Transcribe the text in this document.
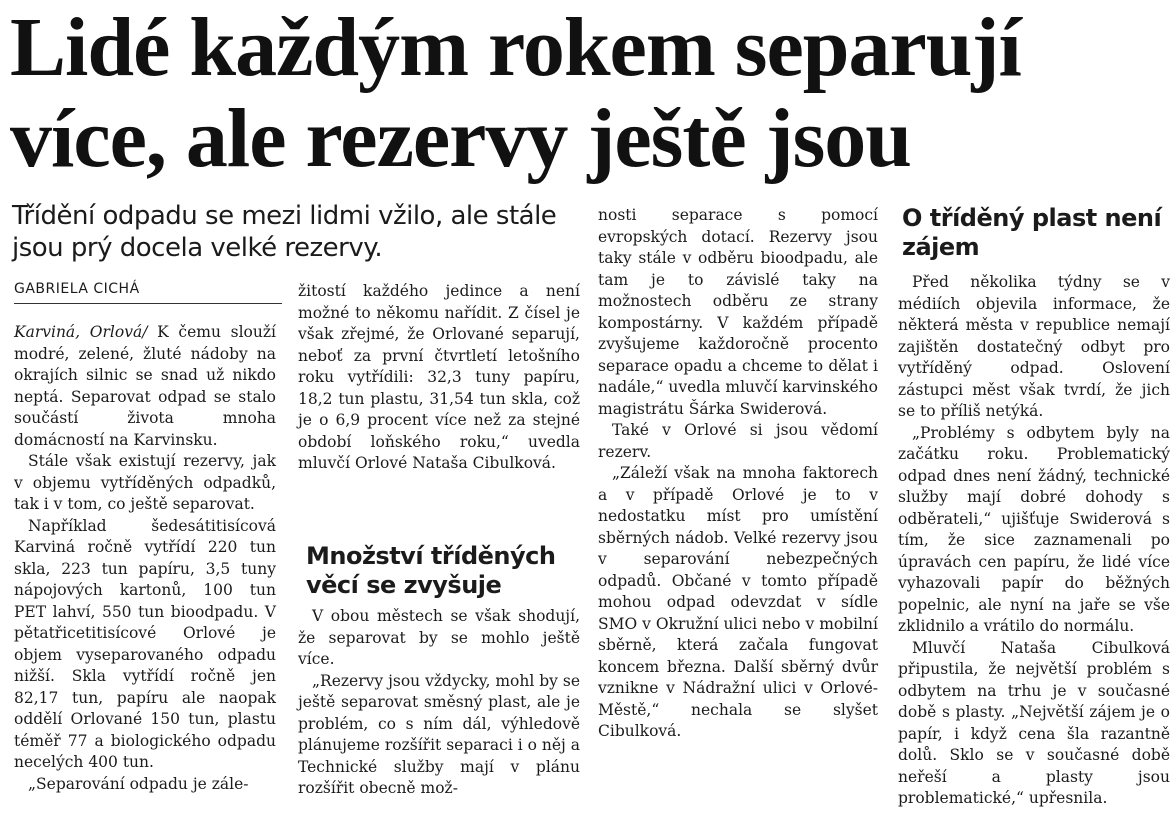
Lidé každým rokem separují více, ale rezervy ještě jsou

Třídění odpadu se mezi lidmi vžilo, ale stále jsou prý docela velké rezervy.

GABRIELA CICHÁ

Karviná, Orlová/ K čemu slouží modré, zelené, žluté nádoby na okrajích silnic se snad už nikdo neptá. Separovat odpad se stalo součástí života mnoha domácností na Karvinsku.

Stále však existují rezervy, jak v objemu vytříděných odpadků, tak i v tom, co ještě separovat.

Například šedesátitisícová Karviná ročně vytřídí 220 tun skla, 223 tun papíru, 3,5 tuny nápojových kartonů, 100 tun PET lahví, 550 tun bioodpadu. V pětatřicetitisícové Orlové je objem vyseparovaného odpadu nižší. Skla vytřídí ročně jen 82,17 tun, papíru ale naopak oddělí Orlované 150 tun, plastu téměř 77 a biologického odpadu necelých 400 tun.

„Separování odpadu je zále-

žitostí každého jedince a není možné to někomu nařídit. Z čísel je však zřejmé, že Orlované separují, neboť za první čtvrtletí letošního roku vytřídili: 32,3 tuny papíru, 18,2 tun plastu, 31,54 tun skla, což je o 6,9 procent více než za stejné období loňského roku,“ uvedla mluvčí Orlové Nataša Cibulková.

Množství tříděných věcí se zvyšuje

V obou městech se však shodují, že separovat by se mohlo ještě více.

„Rezervy jsou vždycky, mohl by se ještě separovat směsný plast, ale je problém, co s ním dál, výhledově plánujeme rozšířit separaci i o něj a Technické služby mají v plánu rozšířit obecně mož-

nosti separace s pomocí evropských dotací. Rezervy jsou taky stále v odběru bioodpadu, ale tam je to závislé taky na možnostech odběru ze strany kompostárny. V každém případě zvyšujeme každoročně procento separace opadu a chceme to dělat i nadále,“ uvedla mluvčí karvinského magistrátu Šárka Swiderová.

Také v Orlové si jsou vědomí rezerv.

„Záleží však na mnoha faktorech a v případě Orlové je to v nedostatku míst pro umístění sběrných nádob. Velké rezervy jsou v separování nebezpečných odpadů. Občané v tomto případě mohou odpad odevzdat v sídle SMO v Okružní ulici nebo v mobilní sběrně, která začala fungovat koncem března. Další sběrný dvůr vznikne v Nádražní ulici v Orlové-Městě,“ nechala se slyšet Cibulková.

O tříděný plast není zájem

Před několika týdny se v médiích objevila informace, že některá města v republice nemají zajištěn dostatečný odbyt pro vytříděný odpad. Oslovení zástupci měst však tvrdí, že jich se to příliš netýká.

„Problémy s odbytem byly na začátku roku. Problematický odpad dnes není žádný, technické služby mají dobré dohody s odběrateli,“ ujišťuje Swiderová s tím, že sice zaznamenali po úpravách cen papíru, že lidé více vyhazovali papír do běžných popelnic, ale nyní na jaře se vše zklidnilo a vrátilo do normálu.

Mluvčí Nataša Cibulková připustila, že největší problém s odbytem na trhu je v současné době s plasty. „Největší zájem je o papír, i když cena šla razantně dolů. Sklo se v současné době neřeší a plasty jsou problematické,“ upřesnila.
